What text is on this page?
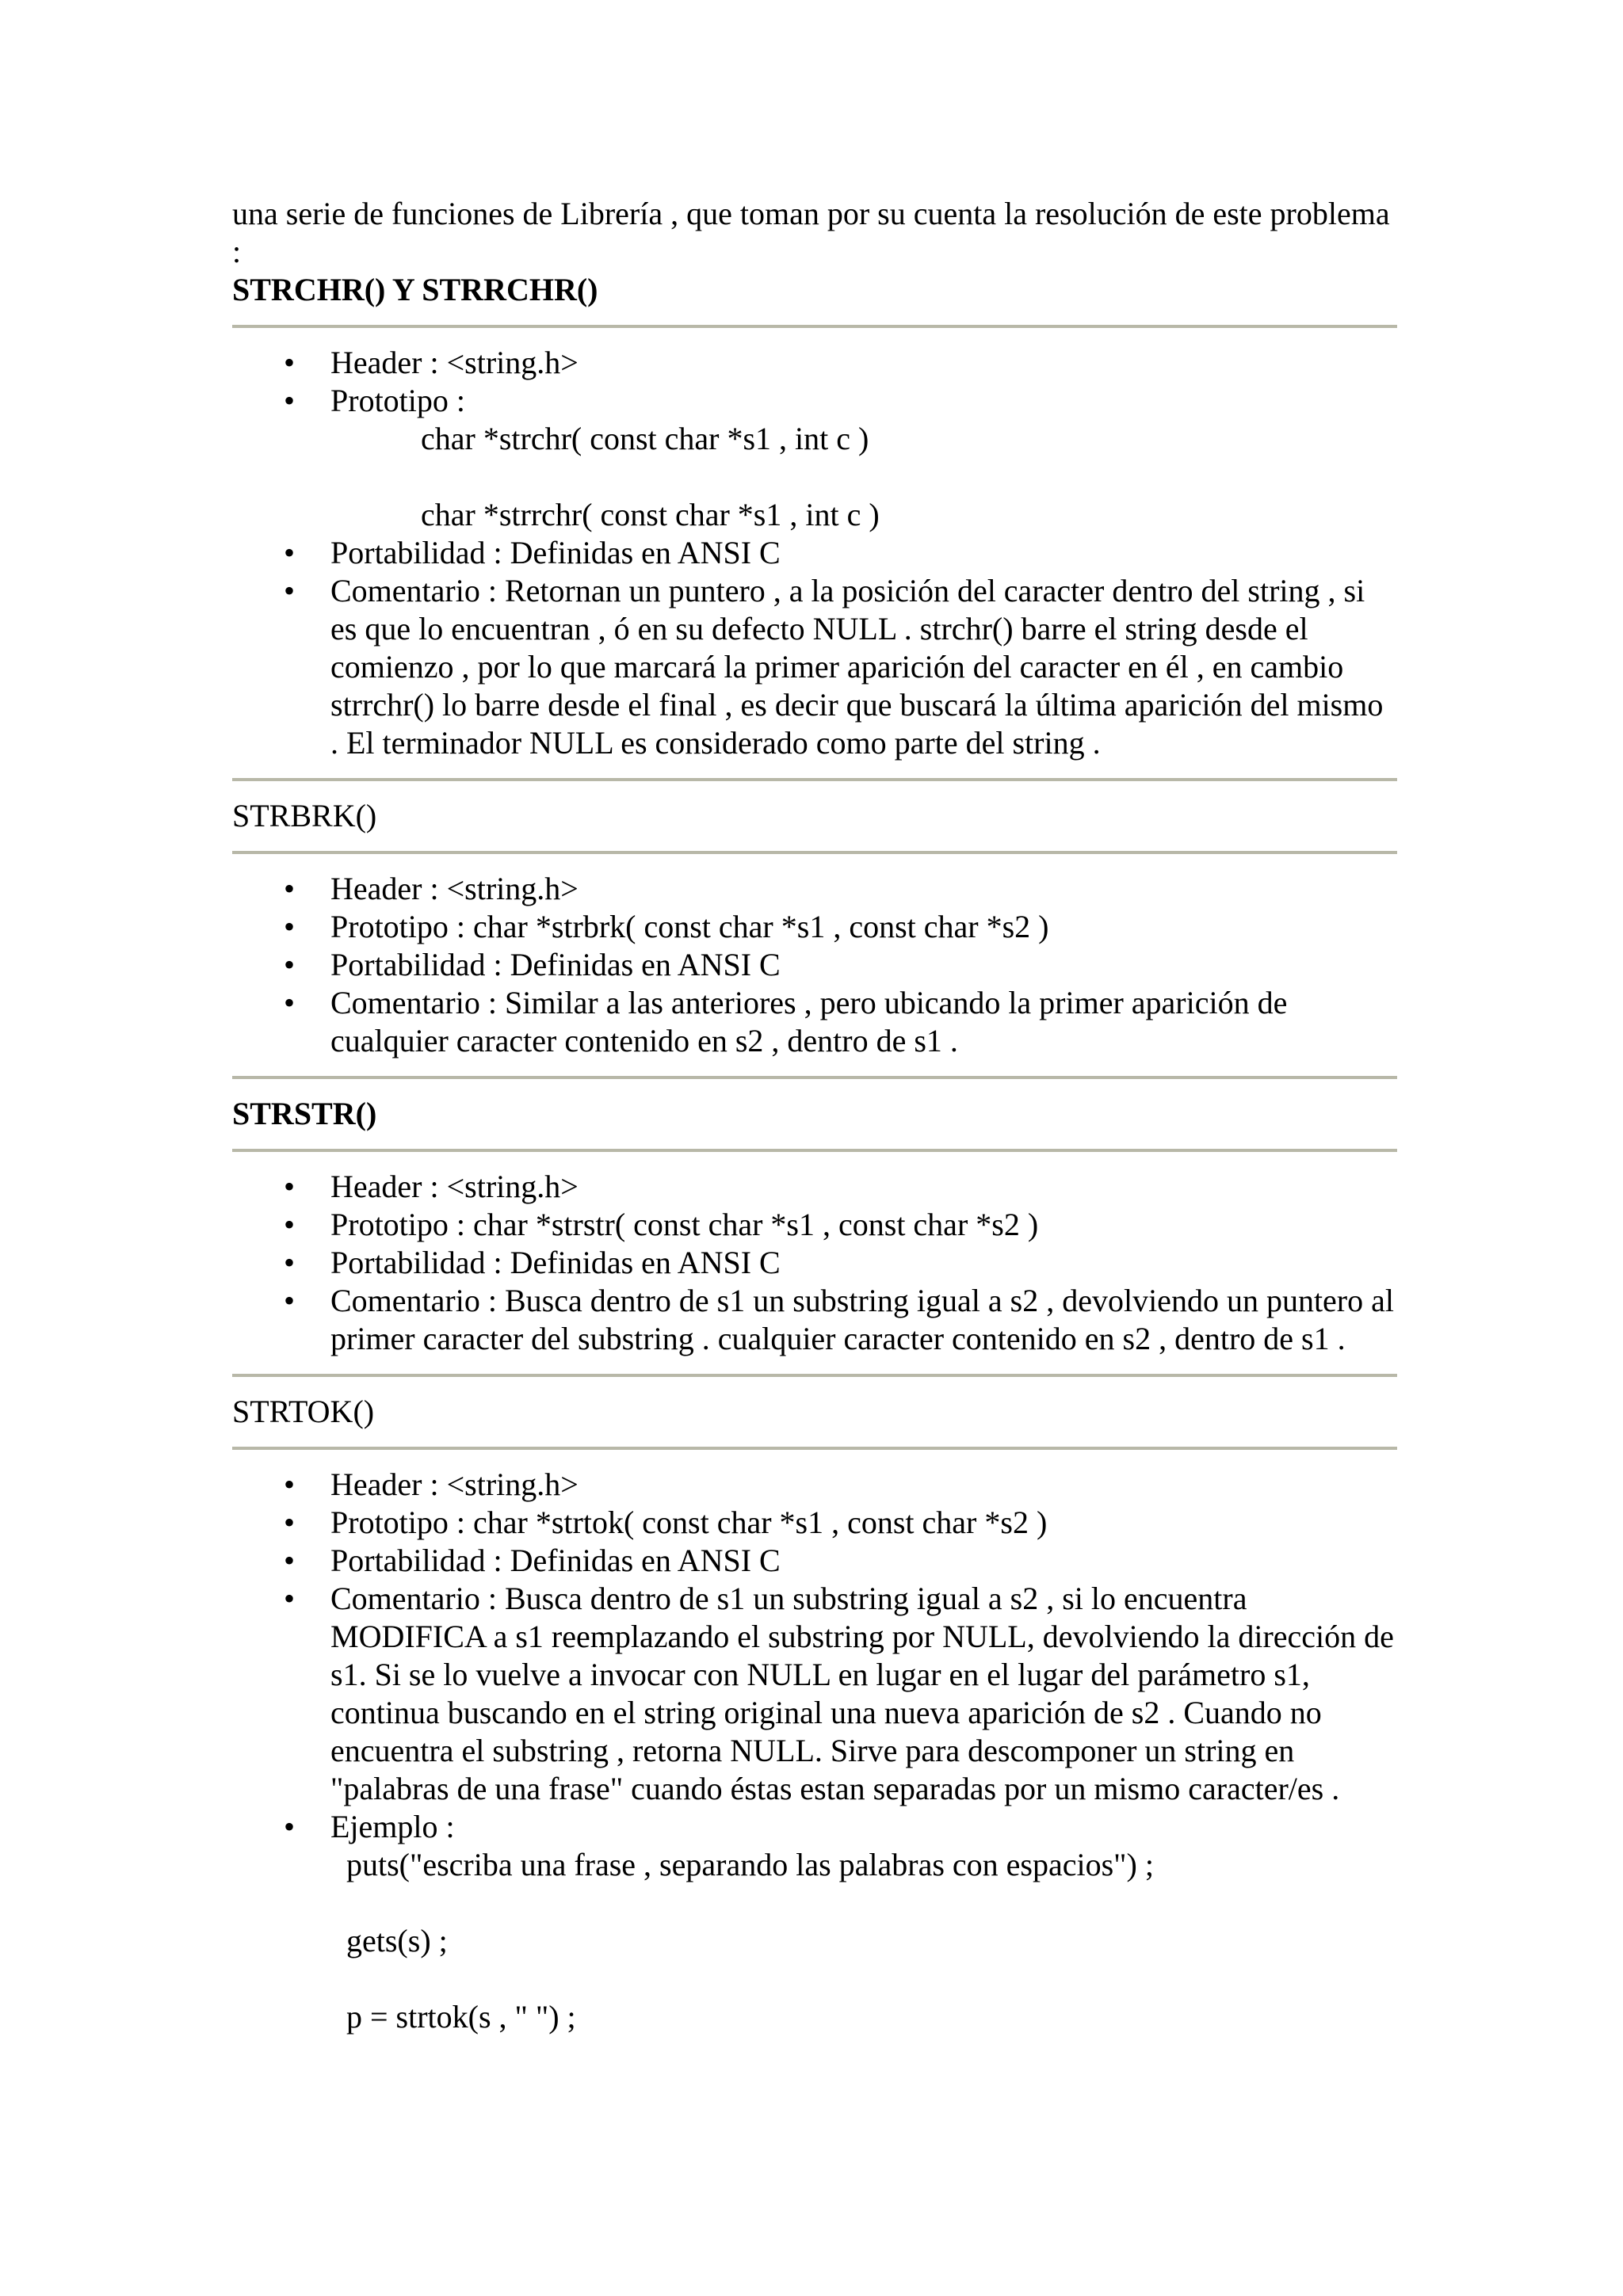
una serie de funciones de Librería , que toman por su cuenta la resolución de este problema :

STRCHR() Y STRRCHR()
• Header : <string.h>
• Prototipo :
char *strchr( const char *s1 , int c )
char *strrchr( const char *s1 , int c )
• Portabilidad : Definidas en ANSI C
• Comentario : Retornan un puntero , a la posición del caracter dentro del string , si es que lo encuentran , ó en su defecto NULL . strchr() barre el string desde el comienzo , por lo que marcará la primer aparición del caracter en él , en cambio strrchr() lo barre desde el final , es decir que buscará la última aparición del mismo . El terminador NULL es considerado como parte del string .
STRBRK()
• Header : <string.h>
• Prototipo : char *strbrk( const char *s1 , const char *s2 )
• Portabilidad : Definidas en ANSI C
• Comentario : Similar a las anteriores , pero ubicando la primer aparición de cualquier caracter contenido en s2 , dentro de s1 .
STRSTR()
• Header : <string.h>
• Prototipo : char *strstr( const char *s1 , const char *s2 )
• Portabilidad : Definidas en ANSI C
• Comentario : Busca dentro de s1 un substring igual a s2 , devolviendo un puntero al primer caracter del substring . cualquier caracter contenido en s2 , dentro de s1 .
STRTOK()
• Header : <string.h>
• Prototipo : char *strtok( const char *s1 , const char *s2 )
• Portabilidad : Definidas en ANSI C
• Comentario : Busca dentro de s1 un substring igual a s2 , si lo encuentra MODIFICA a s1 reemplazando el substring por NULL, devolviendo la dirección de s1. Si se lo vuelve a invocar con NULL en lugar en el lugar del parámetro s1, continua buscando en el string original una nueva aparición de s2 . Cuando no encuentra el substring , retorna NULL. Sirve para descomponer un string en "palabras de una frase" cuando éstas estan separadas por un mismo caracter/es .
• Ejemplo :
puts("escriba una frase , separando las palabras con espacios") ;
gets(s) ;
p = strtok(s , " ") ;
